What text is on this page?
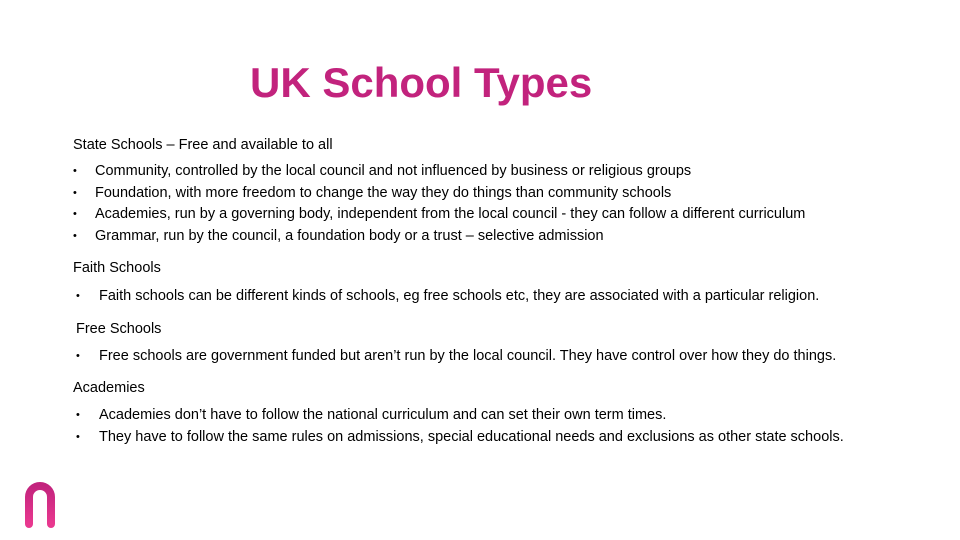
UK School Types
State Schools – Free and available to all
• Community, controlled by the local council and not influenced by business or religious groups
• Foundation, with more freedom to change the way they do things than community schools
• Academies, run by a governing body, independent from the local council - they can follow a different curriculum
• Grammar, run by the council, a foundation body or a trust – selective admission
Faith Schools
• Faith schools can be different kinds of schools, eg free schools etc, they are associated with a particular religion.
Free Schools
• Free schools are government funded but aren’t run by the local council. They have control over how they do things.
Academies
• Academies don’t have to follow the national curriculum and can set their own term times.
• They have to follow the same rules on admissions, special educational needs and exclusions as other state schools.
